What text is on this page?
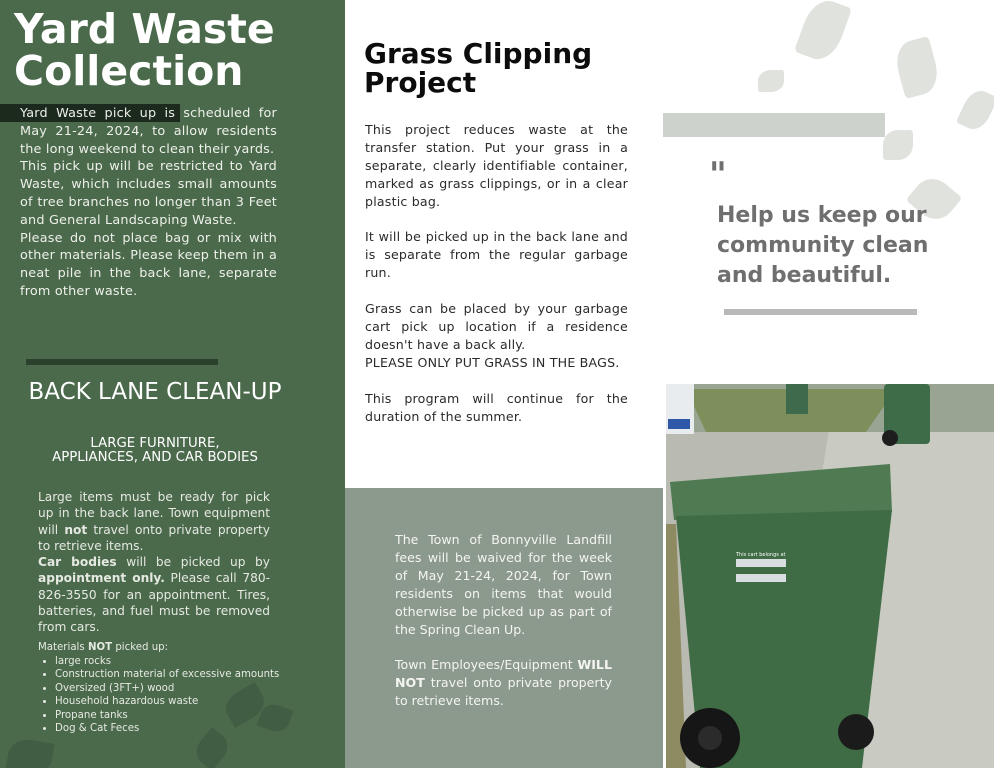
Yard Waste
Collection

Yard Waste pick up is scheduled for May 21-24, 2024, to allow residents the long weekend to clean their yards.

This pick up will be restricted to Yard Waste, which includes small amounts of tree branches no longer than 3 Feet and General Landscaping Waste.

Please do not place bag or mix with other materials. Please keep them in a neat pile in the back lane, separate from other waste.

BACK LANE CLEAN-UP
LARGE FURNITURE, APPLIANCES, AND CAR BODIES

Large items must be ready for pick up in the back lane. Town equipment will not travel onto private property to retrieve items.

Car bodies will be picked up by appointment only. Please call 780-826-3550 for an appointment. Tires, batteries, and fuel must be removed from cars.

Materials NOT picked up:
• large rocks
• Construction material of excessive amounts
• Oversized (3FT+) wood
• Household hazardous waste
• Propane tanks
• Dog & Cat Feces
Grass Clipping
Project

This project reduces waste at the transfer station. Put your grass in a separate, clearly identifiable container, marked as grass clippings, or in a clear plastic bag.

It will be picked up in the back lane and is separate from the regular garbage run.

Grass can be placed by your garbage cart pick up location if a residence doesn't have a back ally.

PLEASE ONLY PUT GRASS IN THE BAGS.

This program will continue for the duration of the summer.

The Town of Bonnyville Landfill fees will be waived for the week of May 21-24, 2024, for Town residents on items that would otherwise be picked up as part of the Spring Clean Up.

Town Employees/Equipment WILL NOT travel onto private property to retrieve items.

"
Help us keep our community clean and beautiful.
This cart belongs at
